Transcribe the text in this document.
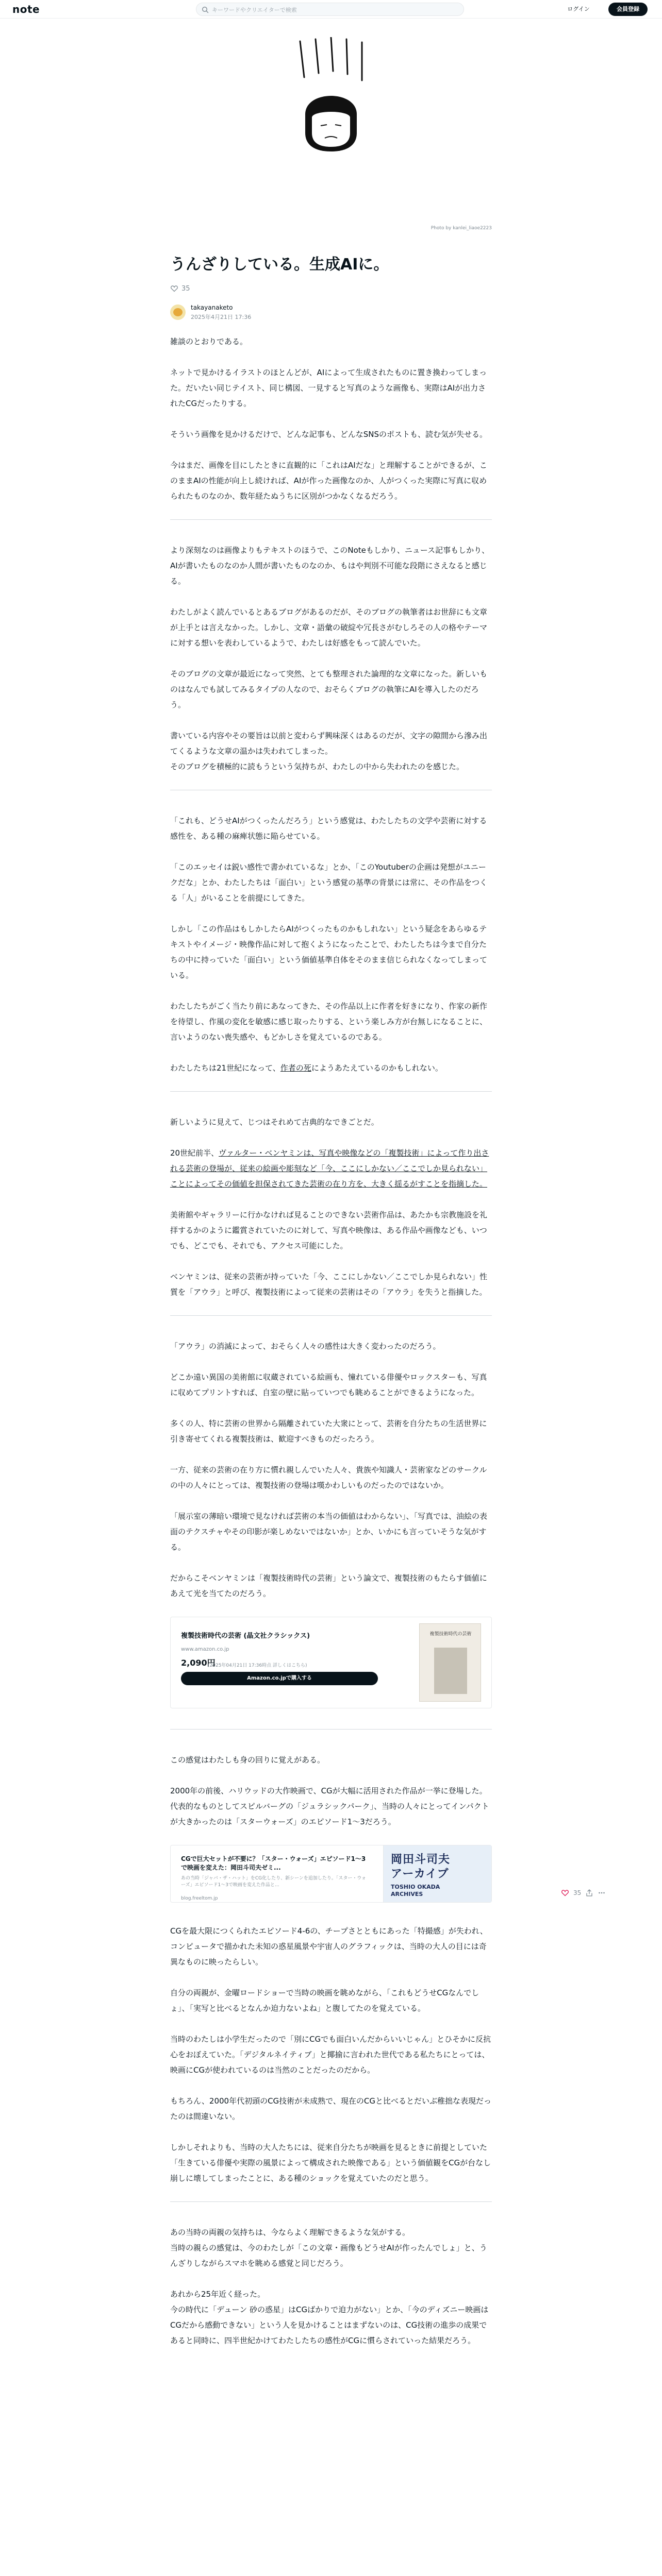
note
キーワードやクリエイターで検索	ログイン	会員登録
Photo by kanlei_liaoe2223
うんざりしている。生成AIに。
35
takayanaketo
2025年4月21日 17:36

雑談のとおりである。

ネットで見かけるイラストのほとんどが、AIによって生成されたものに置き換わってしまった。だいたい同じテイスト、同じ構図、一見すると写真のような画像も、実際はAIが出力されたCGだったりする。

そういう画像を見かけるだけで、どんな記事も、どんなSNSのポストも、読む気が失せる。

今はまだ、画像を目にしたときに直観的に「これはAIだな」と理解することができるが、このままAIの性能が向上し続ければ、AIが作った画像なのか、人がつくった実際に写真に収められたものなのか、数年経たぬうちに区別がつかなくなるだろう。

より深刻なのは画像よりもテキストのほうで、このNoteもしかり、ニュース記事もしかり、AIが書いたものなのか人間が書いたものなのか、もはや判別不可能な段階にさえなると感じる。

わたしがよく読んでいるとあるブログがあるのだが、そのブログの執筆者はお世辞にも文章が上手とは言えなかった。しかし、文章・語彙の破綻や冗長さがむしろその人の格やテーマに対する想いを表わしているようで、わたしは好感をもって読んでいた。

そのブログの文章が最近になって突然、とても整理された論理的な文章になった。新しいものはなんでも試してみるタイプの人なので、おそらくブログの執筆にAIを導入したのだろう。

書いている内容やその要旨は以前と変わらず興味深くはあるのだが、文字の隙間から滲み出てくるような文章の温かは失われてしまった。
そのブログを積極的に読もうという気持ちが、わたしの中から失われたのを感じた。

「これも、どうせAIがつくったんだろう」という感覚は、わたしたちの文学や芸術に対する感性を、ある種の麻痺状態に陥らせている。

「このエッセイは鋭い感性で書かれているな」とか、「このYoutuberの企画は発想がユニークだな」とか、わたしたちは「面白い」という感覚の基準の背景には常に、その作品をつくる「人」がいることを前提にしてきた。

しかし「この作品はもしかしたらAIがつくったものかもしれない」という疑念をあらゆるテキストやイメージ・映像作品に対して抱くようになったことで、わたしたちは今まで自分たちの中に持っていた「面白い」という価値基準自体をそのまま信じられなくなってしまっている。

わたしたちがごく当たり前にあなってきた、その作品以上に作者を好きになり、作家の新作を待望し、作風の変化を敏感に感じ取ったりする、という楽しみ方が台無しになることに、言いようのない喪失感や、もどかしさを覚えているのである。

わたしたちは21世紀になって、作者の死にようあたえているのかもしれない。

新しいように見えて、じつはそれめて古典的なできごとだ。

20世紀前半、ヴァルター・ベンヤミンは、写真や映像などの「複製技術」によって作り出される芸術の登場が、従来の絵画や彫刻など「今、ここにしかない／ここでしか見られない」ことによってその価値を担保されてきた芸術の在り方を、大きく揺るがすことを指摘した。

美術館やギャラリーに行かなければ見ることのできない芸術作品は、あたかも宗教施設を礼拝するかのように鑑賞されていたのに対して、写真や映像は、ある作品や画像なども、いつでも、どこでも、それでも、アクセス可能にした。

ベンヤミンは、従来の芸術が持っていた「今、ここにしかない／ここでしか見られない」性質を「アウラ」と呼び、複製技術によって従来の芸術はその「アウラ」を失うと指摘した。

「アウラ」の消滅によって、おそらく人々の感性は大きく変わったのだろう。

どこか遠い異国の美術館に収蔵されている絵画も、憧れている俳優やロックスターも、写真に収めてプリントすれば、自室の壁に貼っていつでも眺めることができるようになった。

多くの人、特に芸術の世界から隔離されていた大衆にとって、芸術を自分たちの生活世界に引き寄せてくれる複製技術は、歓迎すべきものだったろう。

一方、従来の芸術の在り方に慣れ親しんでいた人々、貴族や知識人・芸術家などのサークルの中の人々にとっては、複製技術の登場は嘆かわしいものだったのではないか。

「展示室の薄暗い環境で見なければ芸術の本当の価値はわからない」、「写真では、油絵の表面のテクスチャやその印影が楽しめないではないか」とか、いかにも言っていそうな気がする。

だからこそベンヤミンは「複製技術時代の芸術」という論文で、複製技術のもたらす価値にあえて光を当てたのだろう。

複製技術時代の芸術 (晶文社クラシックス)
www.amazon.co.jp
2,090円
(2025年04月21日 17:36時点 詳しくはこちら)
Amazon.co.jpで購入する
複製技術時代の芸術

この感覚はわたしも身の回りに覚えがある。

2000年の前後、ハリウッドの大作映画で、CGが大幅に活用された作品が一挙に登場した。代表的なものとしてスピルバーグの「ジュラシックパーク」、当時の人々にとってインパクトが大きかったのは「スターウォーズ」のエピソード1〜3だろう。

CGで巨大セットが不要に？「スター・ウォーズ」エピソード1〜3で映画を変えた：岡田斗司夫ゼミ...
あの当時「ジャバ・ザ・ハット」をCG化したり、新シーンを追加したり。「スター・ウォーズ」エピソード1〜3で映画を変えた作品と...
blog.freeltom.jp
岡田斗司夫
アーカイブ
TOSHIO OKADA
ARCHIVES

CGを最大限につくられたエピソード4-6の、チープさとともにあった「特撮感」が失われ、コンピュータで描かれた未知の惑星風景や宇宙人のグラフィックは、当時の大人の目には奇異なものに映ったらしい。

自分の両親が、金曜ロードショーで当時の映画を眺めながら、「これもどうせCGなんでしょ」、「実写と比べるとなんか迫力ないよね」と腹してたのを覚えている。

当時のわたしは小学生だったので「別にCGでも面白いんだからいいじゃん」とひそかに反抗心をおぼえていた。「デジタルネイティブ」と揶揄に言われた世代である私たちにとっては、映画にCGが使われているのは当然のことだったのだから。

もちろん、2000年代初頭のCG技術が未成熟で、現在のCGと比べるとだいぶ稚拙な表現だったのは間違いない。

しかしそれよりも、当時の大人たちには、従来自分たちが映画を見るときに前提としていた「生きている俳優や実際の風景によって構成された映像である」という価値観をCGが台なし崩しに壊してしまったことに、ある種のショックを覚えていたのだと思う。

あの当時の両親の気持ちは、今ならよく理解できるような気がする。
当時の親らの感覚は、今のわたしが「この文章・画像もどうせAIが作ったんでしょ」と、うんざりしながらスマホを眺める感覚と同じだろう。

あれから25年近く経った。
今の時代に「デューン 砂の惑星」はCGばかりで迫力がない」とか、「今のディズニー映画はCGだから感動できない」という人を見かけることはまずないのは、CG技術の進歩の成果であると同時に、四半世紀かけてわたしたちの感性がCGに慣らされていった結果だろう。

35
